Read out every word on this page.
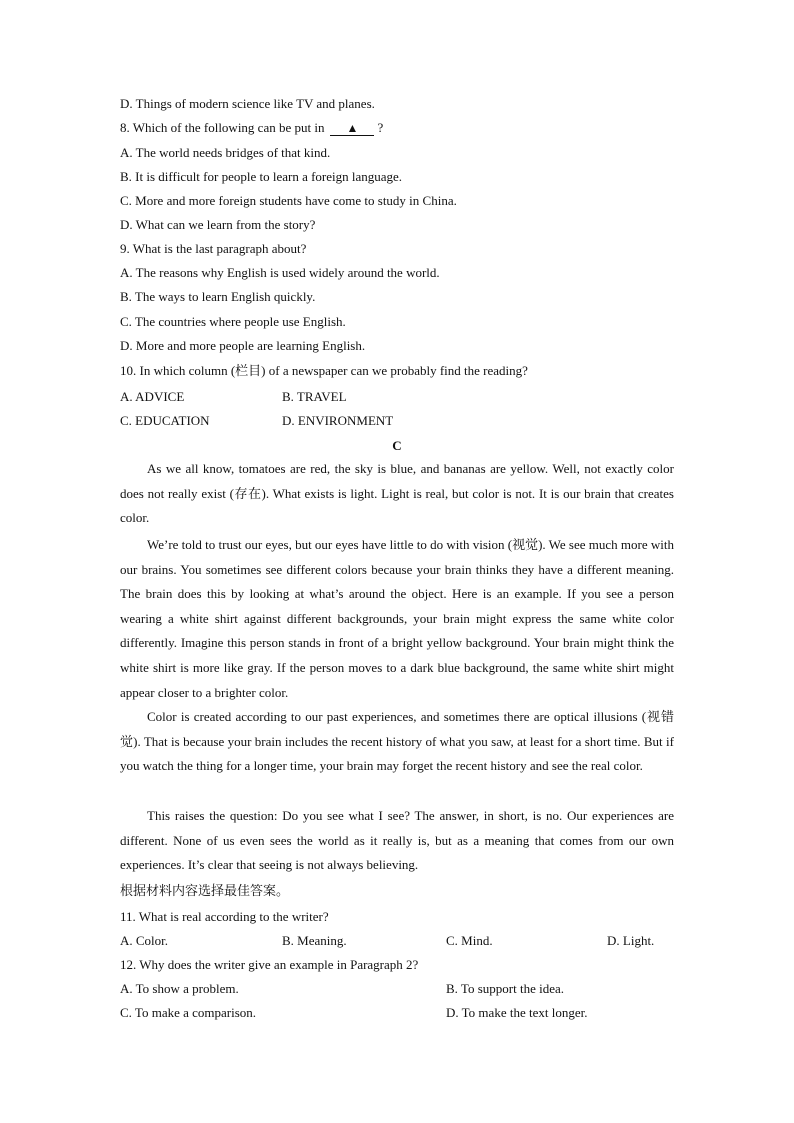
D. Things of modern science like TV and planes.
8. Which of the following can be put in ▲ ?
A. The world needs bridges of that kind.
B. It is difficult for people to learn a foreign language.
C. More and more foreign students have come to study in China.
D. What can we learn from the story?
9. What is the last paragraph about?
A. The reasons why English is used widely around the world.
B. The ways to learn English quickly.
C. The countries where people use English.
D. More and more people are learning English.
10. In which column (栏目) of a newspaper can we probably find the reading?
A. ADVICE	B. TRAVEL
C. EDUCATION	D. ENVIRONMENT
C

As we all know, tomatoes are red, the sky is blue, and bananas are yellow. Well, not exactly color does not really exist (存在). What exists is light. Light is real, but color is not. It is our brain that creates color.

We’re told to trust our eyes, but our eyes have little to do with vision (视觉). We see much more with our brains. You sometimes see different colors because your brain thinks they have a different meaning. The brain does this by looking at what’s around the object. Here is an example. If you see a person wearing a white shirt against different backgrounds, your brain might express the same white color differently. Imagine this person stands in front of a bright yellow background. Your brain might think the white shirt is more like gray. If the person moves to a dark blue background, the same white shirt might appear closer to a brighter color.

Color is created according to our past experiences, and sometimes there are optical illusions (视错觉). That is because your brain includes the recent history of what you saw, at least for a short time. But if you watch the thing for a longer time, your brain may forget the recent history and see the real color.

This raises the question: Do you see what I see? The answer, in short, is no. Our experiences are different. None of us even sees the world as it really is, but as a meaning that comes from our own experiences. It’s clear that seeing is not always believing.

根据材料内容选择最佳答案。
11. What is real according to the writer?
A. Color.	B. Meaning.	C. Mind.	D. Light.
12. Why does the writer give an example in Paragraph 2?
A. To show a problem.	B. To support the idea.
C. To make a comparison.	D. To make the text longer.
